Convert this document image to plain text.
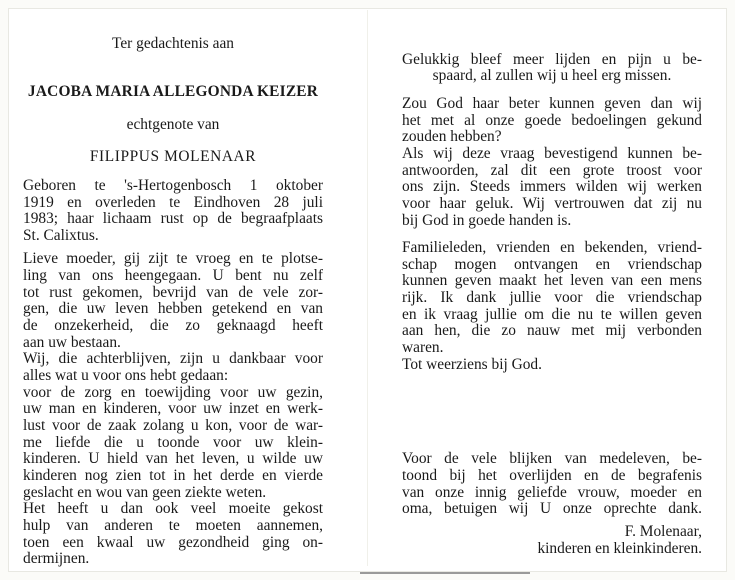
Ter gedachtenis aan
JACOBA MARIA ALLEGONDA KEIZER
echtgenote van
FILIPPUS MOLENAAR
Geboren te 's-Hertogenbosch 1 oktober
1919 en overleden te Eindhoven 28 juli
1983; haar lichaam rust op de begraafplaats
St. Calixtus.
Lieve moeder, gij zijt te vroeg en te plotse-
ling van ons heengegaan. U bent nu zelf
tot rust gekomen, bevrijd van de vele zor-
gen, die uw leven hebben getekend en van
de onzekerheid, die zo geknaagd heeft
aan uw bestaan.
Wij, die achterblijven, zijn u dankbaar voor
alles wat u voor ons hebt gedaan:
voor de zorg en toewijding voor uw gezin,
uw man en kinderen, voor uw inzet en werk-
lust voor de zaak zolang u kon, voor de war-
me liefde die u toonde voor uw klein-
kinderen. U hield van het leven, u wilde uw
kinderen nog zien tot in het derde en vierde
geslacht en wou van geen ziekte weten.
Het heeft u dan ook veel moeite gekost
hulp van anderen te moeten aannemen,
toen een kwaal uw gezondheid ging on-
dermijnen.
Gelukkig bleef meer lijden en pijn u be-
spaard, al zullen wij u heel erg missen.
Zou God haar beter kunnen geven dan wij
het met al onze goede bedoelingen gekund
zouden hebben?
Als wij deze vraag bevestigend kunnen be-
antwoorden, zal dit een grote troost voor
ons zijn. Steeds immers wilden wij werken
voor haar geluk. Wij vertrouwen dat zij nu
bij God in goede handen is.
Familieleden, vrienden en bekenden, vriend-
schap mogen ontvangen en vriendschap
kunnen geven maakt het leven van een mens
rijk. Ik dank jullie voor die vriendschap
en ik vraag jullie om die nu te willen geven
aan hen, die zo nauw met mij verbonden
waren.
Tot weerziens bij God.
Voor de vele blijken van medeleven, be-
toond bij het overlijden en de begrafenis
van onze innig geliefde vrouw, moeder en
oma, betuigen wij U onze oprechte dank.
F. Molenaar,
kinderen en kleinkinderen.
